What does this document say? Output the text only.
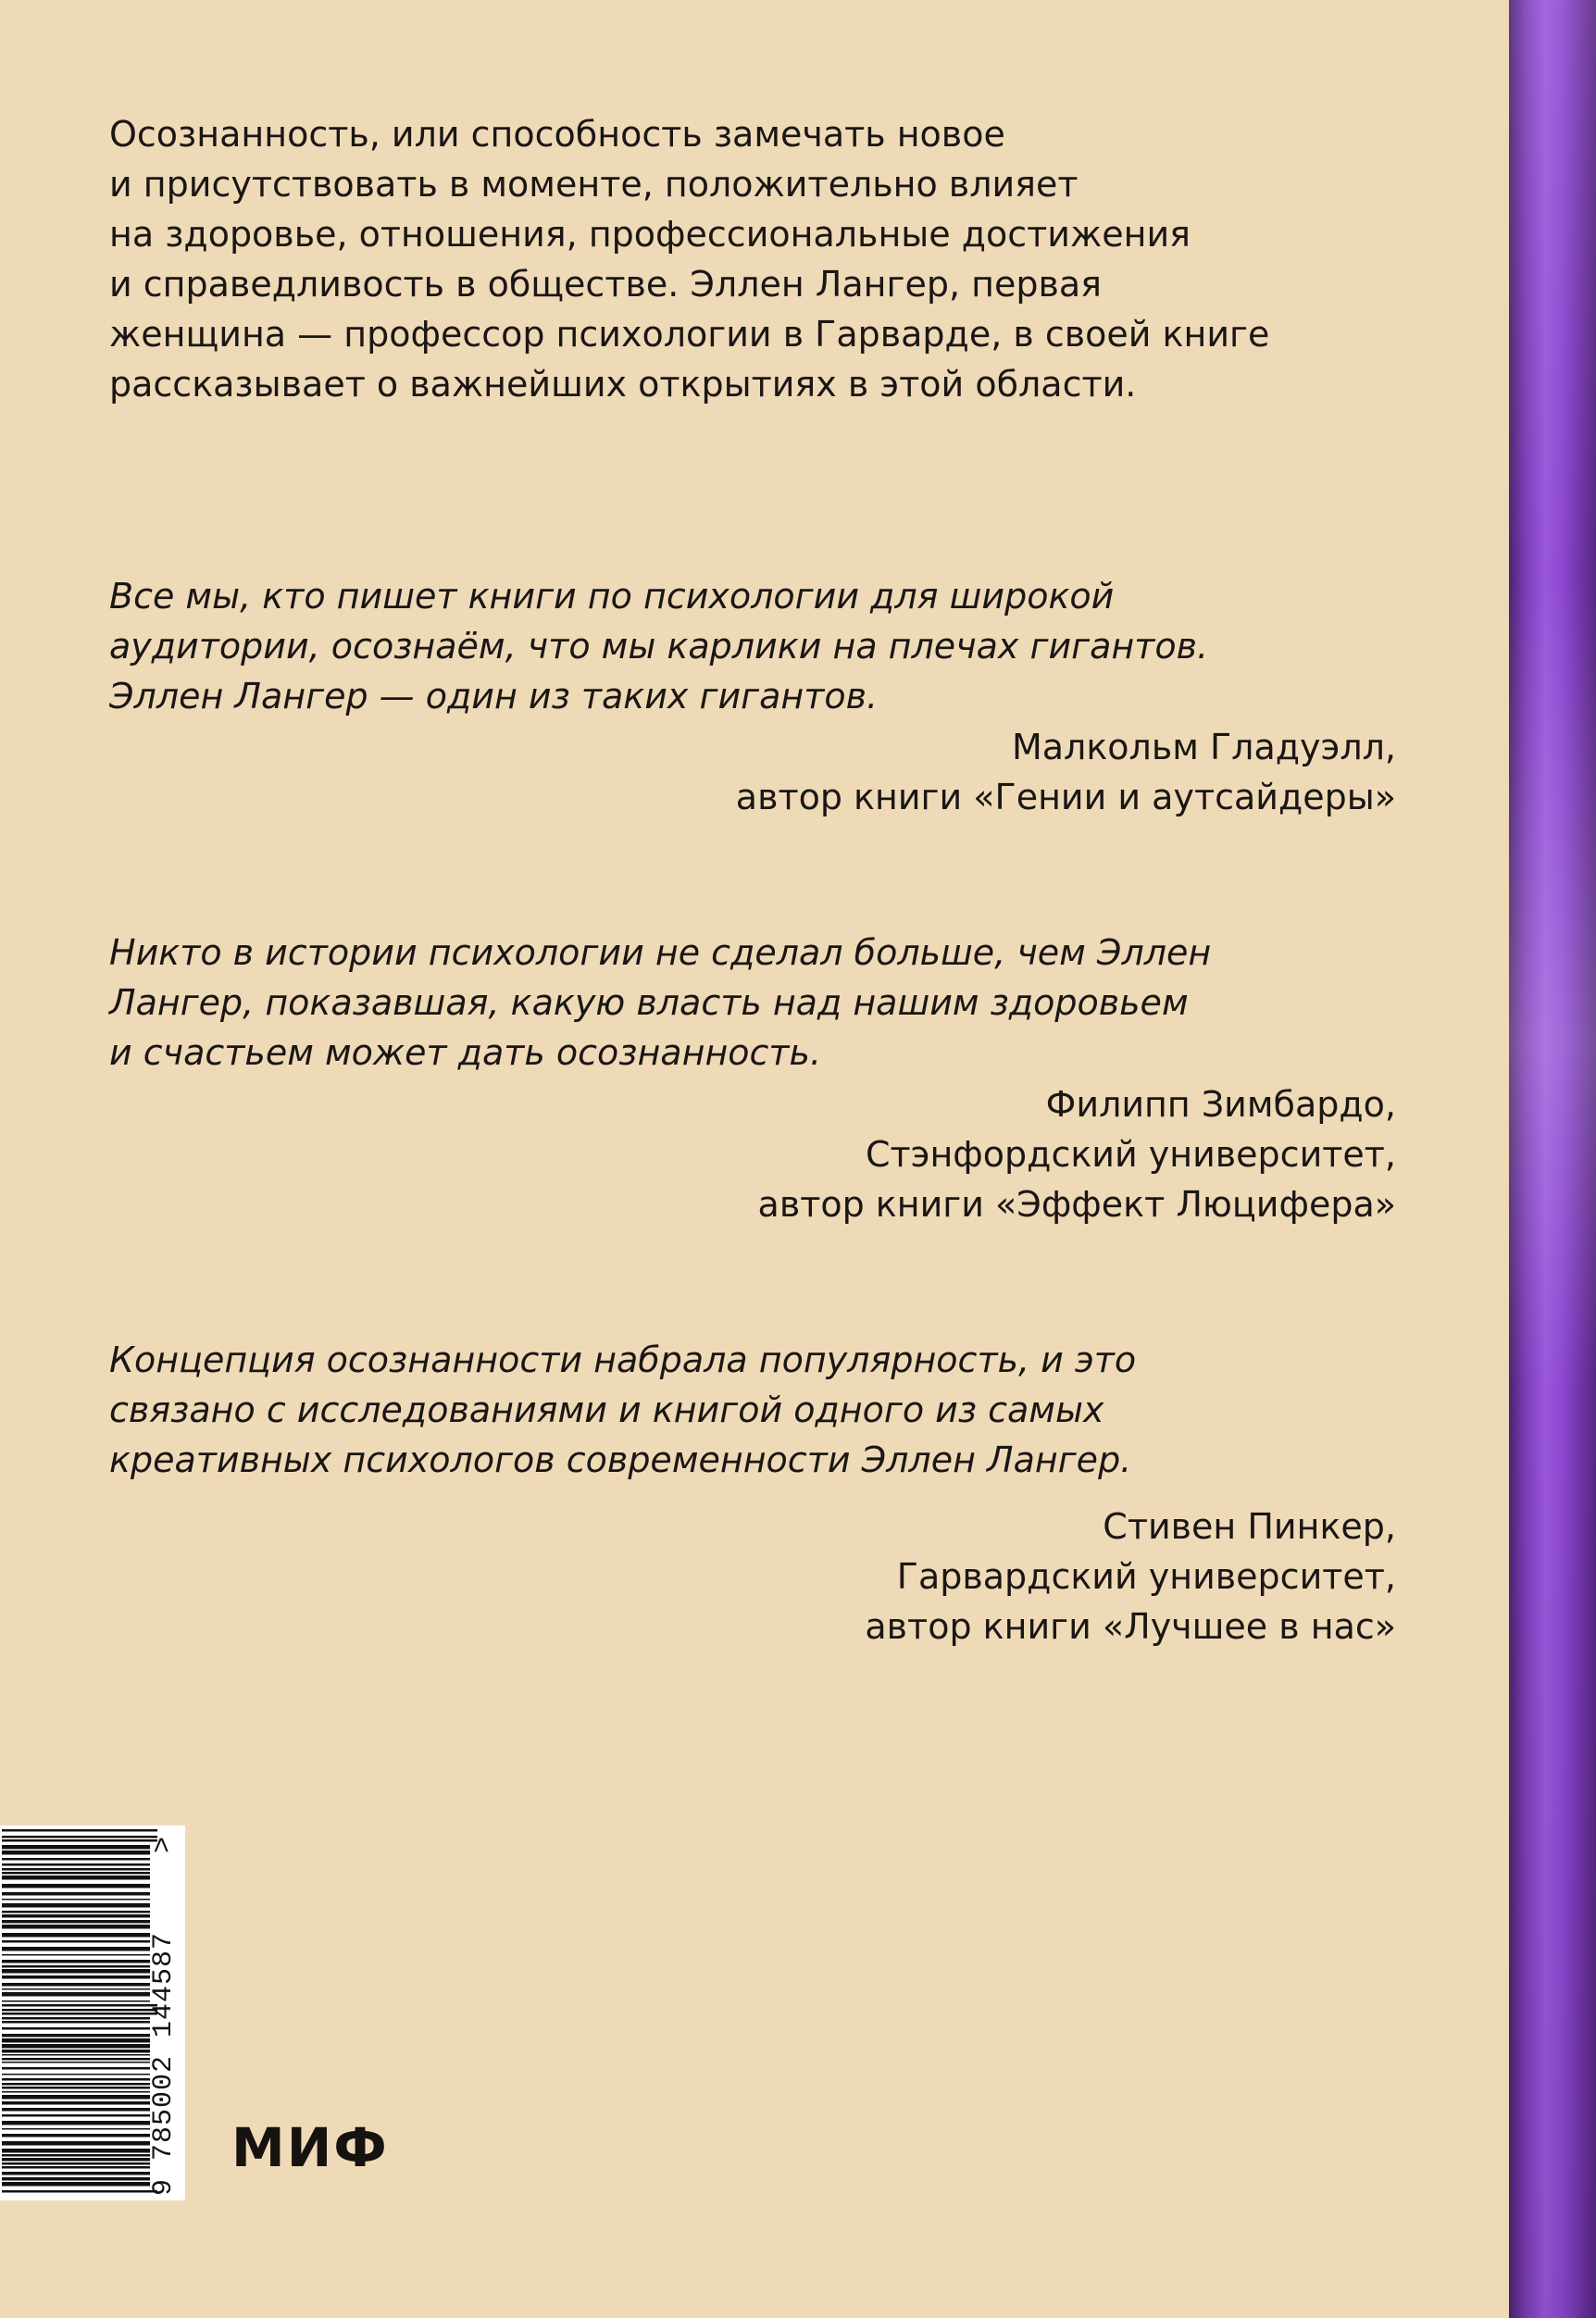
Осознанность, или способность замечать новое
и присутствовать в моменте, положительно влияет
на здоровье, отношения, профессиональные достижения
и справедливость в обществе. Эллен Лангер, первая
женщина — профессор психологии в Гарварде, в своей книге
рассказывает о важнейших открытиях в этой области.
Все мы, кто пишет книги по психологии для широкой
аудитории, осознаём, что мы карлики на плечах гигантов.
Эллен Лангер — один из таких гигантов.
Малкольм Гладуэлл,
автор книги «Гении и аутсайдеры»
Никто в истории психологии не сделал больше, чем Эллен
Лангер, показавшая, какую власть над нашим здоровьем
и счастьем может дать осознанность.
Филипп Зимбардо,
Стэнфордский университет,
автор книги «Эффект Люцифера»
Концепция осознанности набрала популярность, и это
связано с исследованиями и книгой одного из самых
креативных психологов современности Эллен Лангер.
Стивен Пинкер,
Гарвардский университет,
автор книги «Лучшее в нас»
9 785002 144587
>
МИФ
